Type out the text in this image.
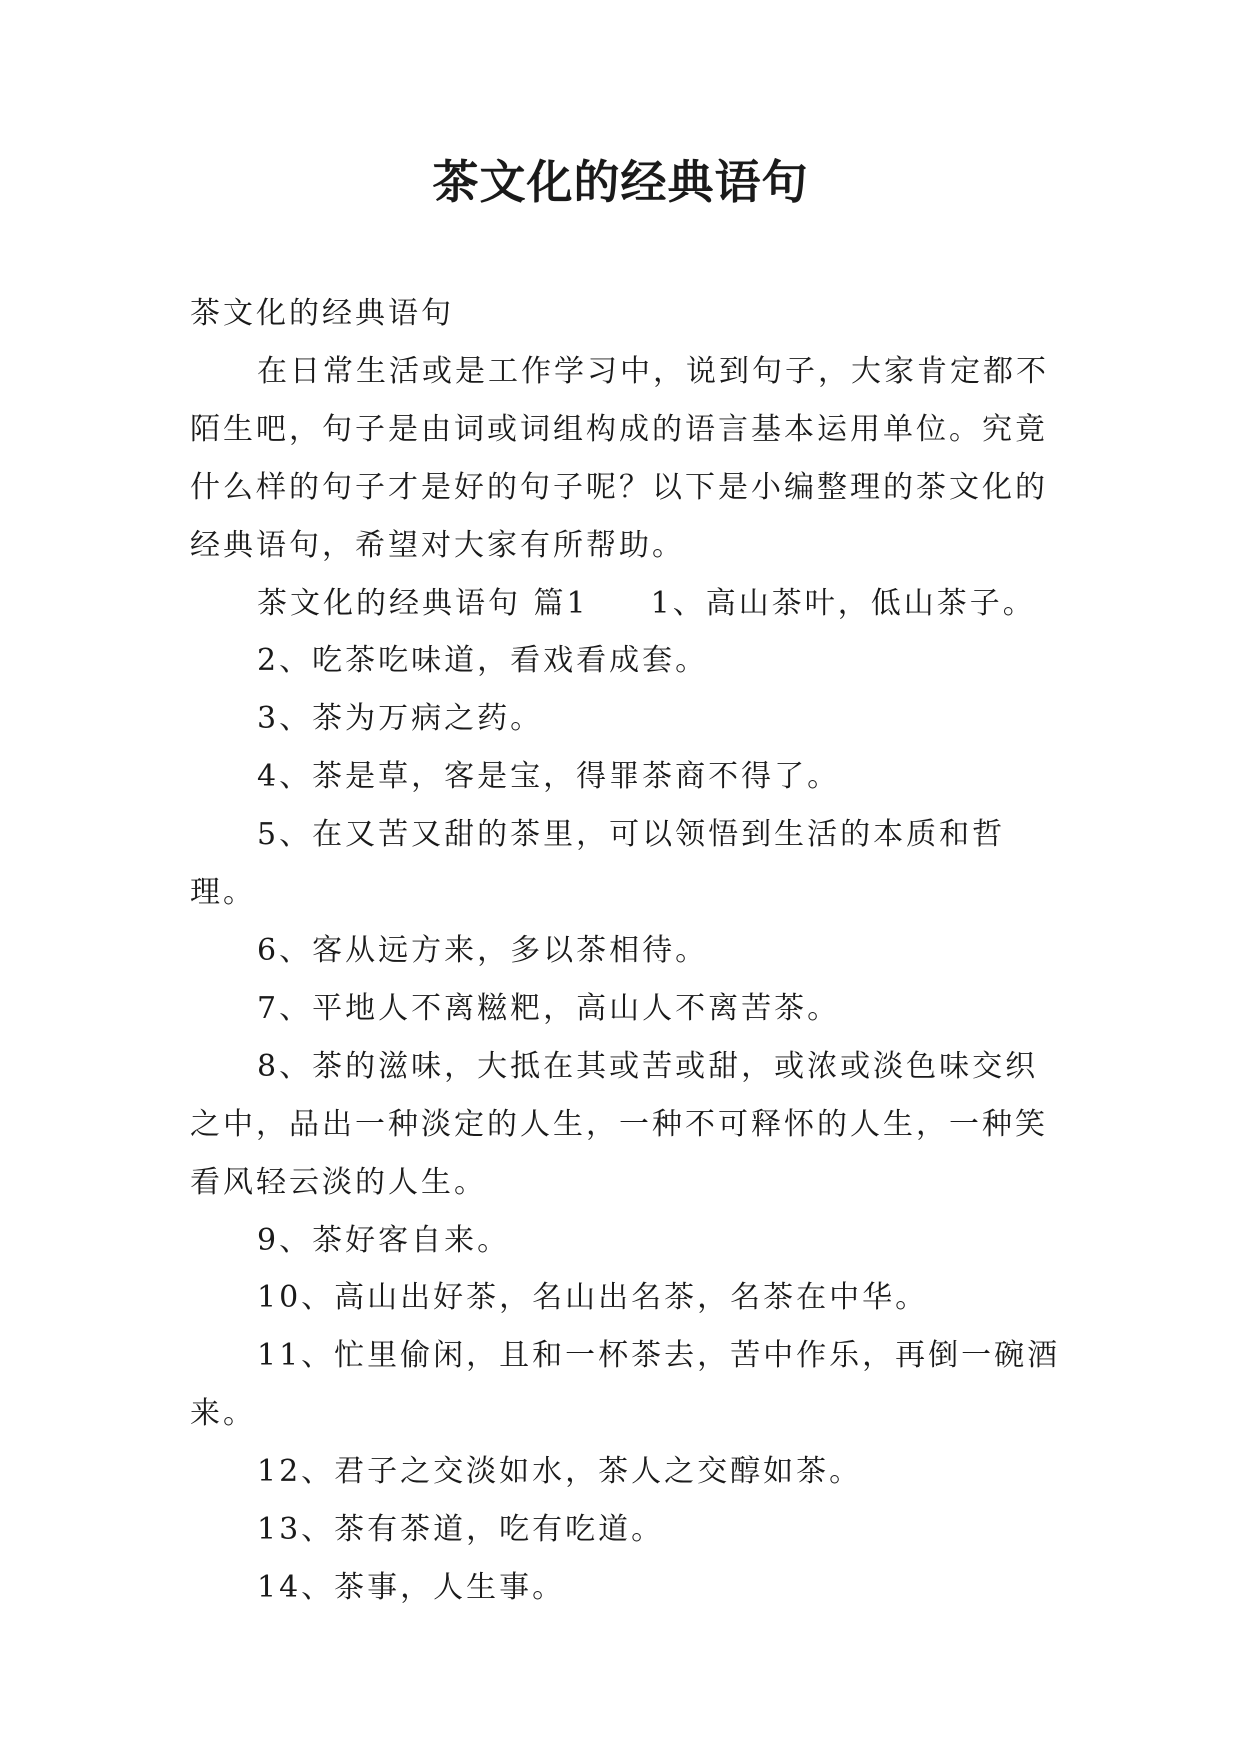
茶文化的经典语句

茶文化的经典语句

在日常生活或是工作学习中，说到句子，大家肯定都不陌生吧，句子是由词或词组构成的语言基本运用单位。究竟什么样的句子才是好的句子呢？以下是小编整理的茶文化的经典语句，希望对大家有所帮助。

茶文化的经典语句 篇1 1、高山茶叶，低山茶子。

2、吃茶吃味道，看戏看成套。

3、茶为万病之药。

4、茶是草，客是宝，得罪茶商不得了。

5、在又苦又甜的茶里，可以领悟到生活的本质和哲理。

6、客从远方来，多以茶相待。

7、平地人不离糍粑，高山人不离苦茶。

8、茶的滋味，大抵在其或苦或甜，或浓或淡色味交织之中，品出一种淡定的人生，一种不可释怀的人生，一种笑看风轻云淡的人生。

9、茶好客自来。

10、高山出好茶，名山出名茶，名茶在中华。

11、忙里偷闲，且和一杯茶去，苦中作乐，再倒一碗酒来。

12、君子之交淡如水，茶人之交醇如茶。

13、茶有茶道，吃有吃道。

14、茶事，人生事。
